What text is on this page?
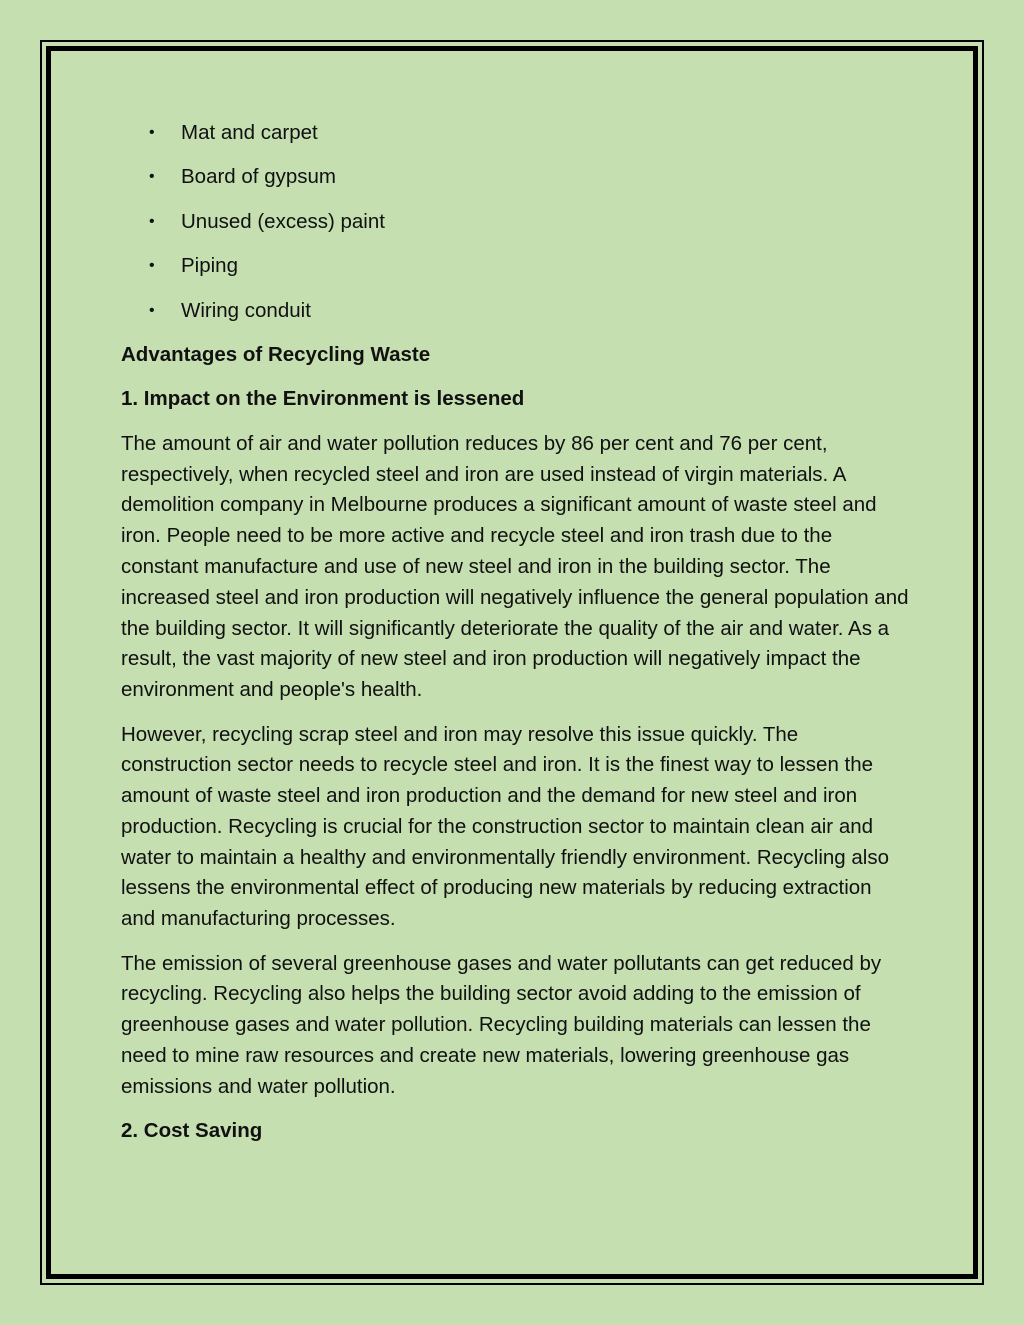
• Mat and carpet
• Board of gypsum
• Unused (excess) paint
• Piping
• Wiring conduit
Advantages of Recycling Waste
1. Impact on the Environment is lessened

The amount of air and water pollution reduces by 86 per cent and 76 per cent, respectively, when recycled steel and iron are used instead of virgin materials. A demolition company in Melbourne produces a significant amount of waste steel and iron. People need to be more active and recycle steel and iron trash due to the constant manufacture and use of new steel and iron in the building sector. The increased steel and iron production will negatively influence the general population and the building sector. It will significantly deteriorate the quality of the air and water. As a result, the vast majority of new steel and iron production will negatively impact the environment and people's health.

However, recycling scrap steel and iron may resolve this issue quickly. The construction sector needs to recycle steel and iron. It is the finest way to lessen the amount of waste steel and iron production and the demand for new steel and iron production. Recycling is crucial for the construction sector to maintain clean air and water to maintain a healthy and environmentally friendly environment. Recycling also lessens the environmental effect of producing new materials by reducing extraction and manufacturing processes.

The emission of several greenhouse gases and water pollutants can get reduced by recycling. Recycling also helps the building sector avoid adding to the emission of greenhouse gases and water pollution. Recycling building materials can lessen the need to mine raw resources and create new materials, lowering greenhouse gas emissions and water pollution.

2. Cost Saving
